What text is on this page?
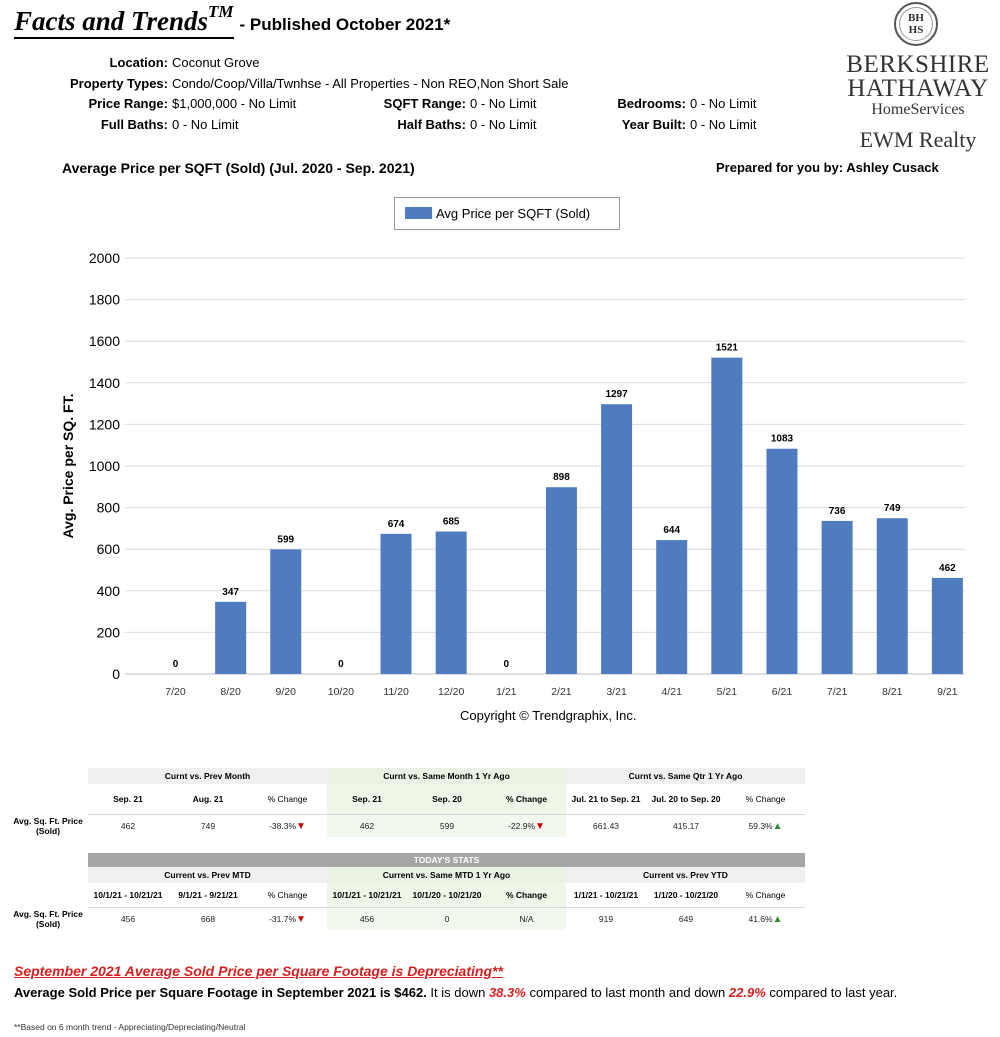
Facts and Trends™- Published October 2021*
Location: Coconut Grove
Property Types: Condo/Coop/Villa/Twnhse - All Properties - Non REO,Non Short Sale
Price Range: $1,000,000 - No Limit
Full Baths: 0 - No Limit
SQFT Range: 0 - No Limit
Half Baths: 0 - No Limit
Bedrooms: 0 - No Limit
Year Built: 0 - No Limit
BH
HS
BERKSHIRE
HATHAWAY
HomeServices
EWM Realty
Average Price per SQFT (Sold) (Jul. 2020 - Sep. 2021)	Prepared for you by: Ashley Cusack
0
200
400
600
800
1000
1200
1400
1600
1800
2000
0
7/20
347
8/20
599
9/20
0
10/20
674
11/20
685
12/20
0
1/21
898
2/21
1297
3/21
644
4/21
1521
5/21
1083
6/21
736
7/21
749
8/21
462
9/21
Avg. Price per SQ. FT.
Avg Price per SQFT (Sold)
Copyright © Trendgraphix, Inc.
	Curnt vs. Prev Month			Curnt vs. Same Month 1 Yr Ago			Curnt vs. Same Qtr 1 Yr Ago		
	Sep. 21	Aug. 21	% Change	Sep. 21	Sep. 20	% Change	Jul. 21 to Sep. 21	Jul. 20 to Sep. 20	% Change
Avg. Sq. Ft. Price (Sold)	462	749	-38.3%▼	462	599	-22.9%▼	661.43	415.17	59.3%▲
	TODAY'S STATS								
	Current vs. Prev MTD			Current vs. Same MTD 1 Yr Ago			Current vs. Prev YTD		
	10/1/21 - 10/21/21	9/1/21 - 9/21/21	% Change	10/1/21 - 10/21/21	10/1/20 - 10/21/20	% Change	1/1/21 - 10/21/21	1/1/20 - 10/21/20	% Change
Avg. Sq. Ft. Price (Sold)	456	668	-31.7%▼	456	0	N/A	919	649	41.6%▲
September 2021 Average Sold Price per Square Footage is Depreciating**
Average Sold Price per Square Footage in September 2021 is $462. It is down 38.3% compared to last month and down 22.9% compared to last year.
**Based on 6 month trend - Appreciating/Depreciating/Neutral
